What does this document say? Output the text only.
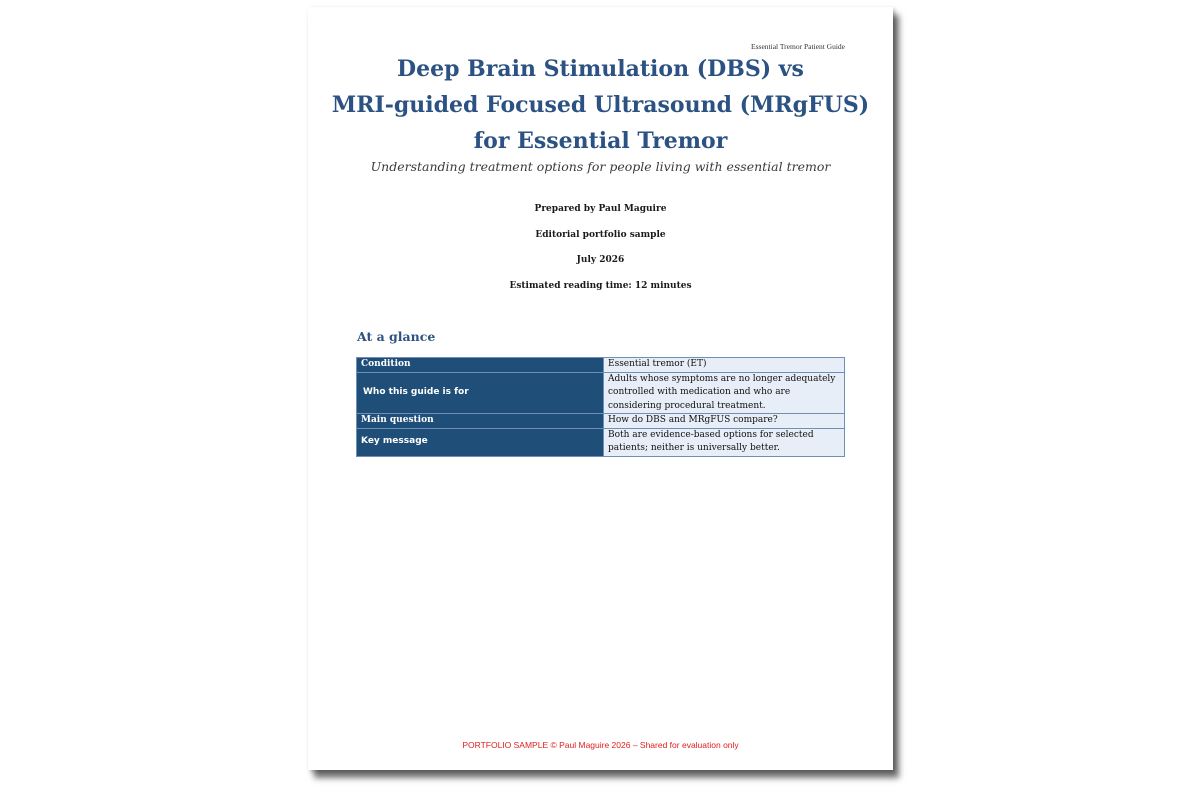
Essential Tremor Patient Guide
Deep Brain Stimulation (DBS) vs
MRI-guided Focused Ultrasound (MRgFUS)
for Essential Tremor
Understanding treatment options for people living with essential tremor
Prepared by Paul Maguire
Editorial portfolio sample
July 2026
Estimated reading time: 12 minutes
At a glance
Condition	Essential tremor (ET)
Who this guide is for	Adults whose symptoms are no longer adequately controlled with medication and who are considering procedural treatment.
Main question	How do DBS and MRgFUS compare?
Key message	Both are evidence-based options for selected patients; neither is universally better.
PORTFOLIO SAMPLE © Paul Maguire 2026 – Shared for evaluation only
